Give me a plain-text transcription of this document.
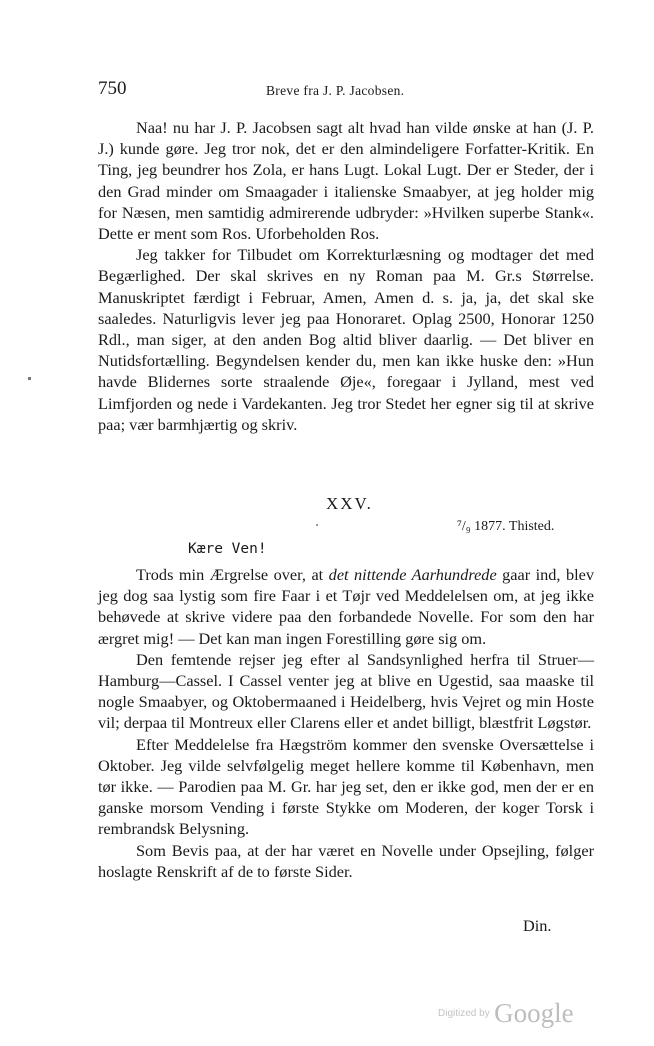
750	Breve fra J. P. Jacobsen.

Naa! nu har J. P. Jacobsen sagt alt hvad han vilde ønske at han (J. P. J.) kunde gøre. Jeg tror nok, det er den almindeligere Forfatter-Kritik. En Ting, jeg beundrer hos Zola, er hans Lugt. Lokal Lugt. Der er Steder, der i den Grad minder om Smaagader i italienske Smaabyer, at jeg holder mig for Næsen, men samtidig admirerende udbryder: »Hvilken superbe Stank«. Dette er ment som Ros. Uforbeholden Ros.

Jeg takker for Tilbudet om Korrekturlæsning og modtager det med Begærlighed. Der skal skrives en ny Roman paa M. Gr.s Størrelse. Manuskriptet færdigt i Februar, Amen, Amen d. s. ja, ja, det skal ske saaledes. Naturligvis lever jeg paa Honoraret. Oplag 2500, Honorar 1250 Rdl., man siger, at den anden Bog altid bliver daarlig. — Det bliver en Nutidsfortælling. Begyndelsen kender du, men kan ikke huske den: »Hun havde Blidernes sorte straalende Øje«, foregaar i Jylland, mest ved Limfjorden og nede i Vardekanten. Jeg tror Stedet her egner sig til at skrive paa; vær barmhjærtig og skriv.

XXV.
⁷/₉ 1877. Thisted.
Kære Ven!

Trods min Ærgrelse over, at det nittende Aarhundrede gaar ind, blev jeg dog saa lystig som fire Faar i et Tøjr ved Meddelelsen om, at jeg ikke behøvede at skrive videre paa den forbandede Novelle. For som den har ærgret mig! — Det kan man ingen Forestilling gøre sig om.

Den femtende rejser jeg efter al Sandsynlighed herfra til Struer—Hamburg—Cassel. I Cassel venter jeg at blive en Ugestid, saa maaske til nogle Smaabyer, og Oktobermaaned i Heidelberg, hvis Vejret og min Hoste vil; derpaa til Montreux eller Clarens eller et andet billigt, blæstfrit Løgstør.

Efter Meddelelse fra Hægström kommer den svenske Oversættelse i Oktober. Jeg vilde selvfølgelig meget hellere komme til København, men tør ikke. — Parodien paa M. Gr. har jeg set, den er ikke god, men der er en ganske morsom Vending i første Stykke om Moderen, der koger Torsk i rembrandsk Belysning.

Som Bevis paa, at der har været en Novelle under Opsejling, følger hoslagte Renskrift af de to første Sider.

Din.
Digitized by Google
